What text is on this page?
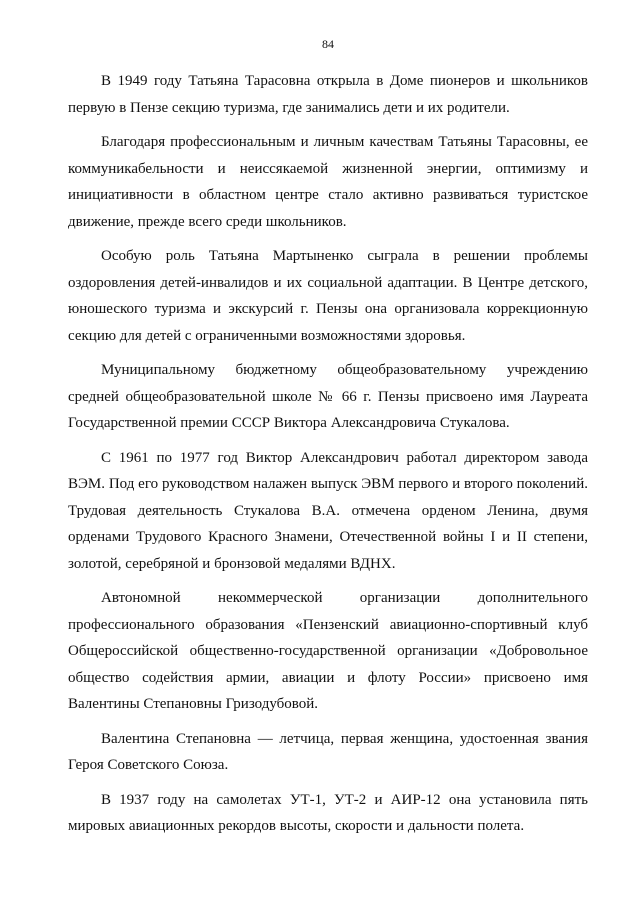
84

В 1949 году Татьяна Тарасовна открыла в Доме пионеров и школьников первую в Пензе секцию туризма, где занимались дети и их родители.

Благодаря профессиональным и личным качествам Татьяны Тарасовны, ее коммуникабельности и неиссякаемой жизненной энергии, оптимизму и инициативности в областном центре стало активно развиваться туристское движение, прежде всего среди школьников.

Особую роль Татьяна Мартыненко сыграла в решении проблемы оздоровления детей-инвалидов и их социальной адаптации. В Центре детского, юношеского туризма и экскурсий г. Пензы она организовала коррекционную секцию для детей с ограниченными возможностями здоровья.

Муниципальному бюджетному общеобразовательному учреждению средней общеобразовательной школе № 66 г. Пензы присвоено имя Лауреата Государственной премии СССР Виктора Александровича Стукалова.

С 1961 по 1977 год Виктор Александрович работал директором завода ВЭМ. Под его руководством налажен выпуск ЭВМ первого и второго поколений. Трудовая деятельность Стукалова В.А. отмечена орденом Ленина, двумя орденами Трудового Красного Знамени, Отечественной войны I и II степени, золотой, серебряной и бронзовой медалями ВДНХ.

Автономной некоммерческой организации дополнительного профессионального образования «Пензенский авиационно-спортивный клуб Общероссийской общественно-государственной организации «Добровольное общество содействия армии, авиации и флоту России» присвоено имя Валентины Степановны Гризодубовой.

Валентина Степановна — летчица, первая женщина, удостоенная звания Героя Советского Союза.

В 1937 году на самолетах УТ-1, УТ-2 и АИР-12 она установила пять мировых авиационных рекордов высоты, скорости и дальности полета.
